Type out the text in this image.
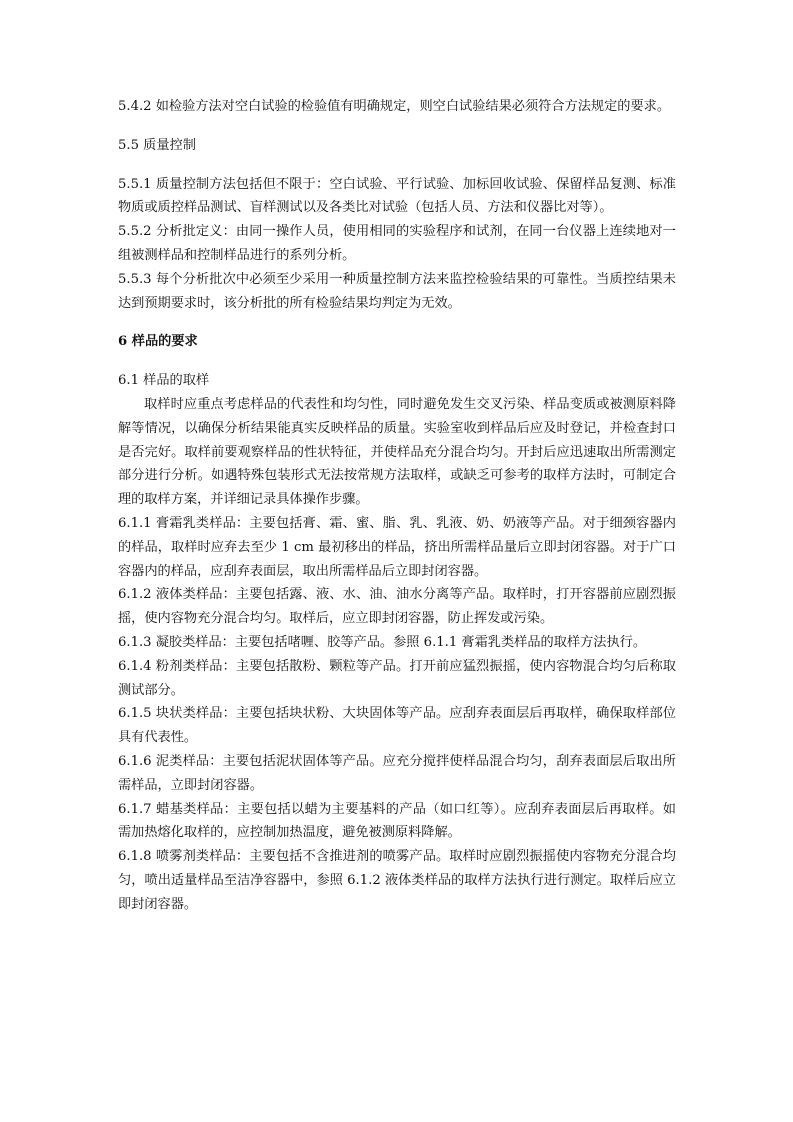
5.4.2 如检验方法对空白试验的检验值有明确规定，则空白试验结果必须符合方法规定的要求。

5.5 质量控制

5.5.1 质量控制方法包括但不限于：空白试验、平行试验、加标回收试验、保留样品复测、标准物质或质控样品测试、盲样测试以及各类比对试验（包括人员、方法和仪器比对等）。

5.5.2 分析批定义：由同一操作人员，使用相同的实验程序和试剂，在同一台仪器上连续地对一组被测样品和控制样品进行的系列分析。

5.5.3 每个分析批次中必须至少采用一种质量控制方法来监控检验结果的可靠性。当质控结果未达到预期要求时，该分析批的所有检验结果均判定为无效。

6 样品的要求

6.1 样品的取样

取样时应重点考虑样品的代表性和均匀性，同时避免发生交叉污染、样品变质或被测原料降解等情况，以确保分析结果能真实反映样品的质量。实验室收到样品后应及时登记，并检查封口是否完好。取样前要观察样品的性状特征，并使样品充分混合均匀。开封后应迅速取出所需测定部分进行分析。如遇特殊包装形式无法按常规方法取样，或缺乏可参考的取样方法时，可制定合理的取样方案，并详细记录具体操作步骤。

6.1.1 膏霜乳类样品：主要包括膏、霜、蜜、脂、乳、乳液、奶、奶液等产品。对于细颈容器内的样品，取样时应弃去至少 1 cm 最初移出的样品，挤出所需样品量后立即封闭容器。对于广口容器内的样品，应刮弃表面层，取出所需样品后立即封闭容器。

6.1.2 液体类样品：主要包括露、液、水、油、油水分离等产品。取样时，打开容器前应剧烈振摇，使内容物充分混合均匀。取样后，应立即封闭容器，防止挥发或污染。

6.1.3 凝胶类样品：主要包括啫喱、胶等产品。参照 6.1.1 膏霜乳类样品的取样方法执行。

6.1.4 粉剂类样品：主要包括散粉、颗粒等产品。打开前应猛烈振摇，使内容物混合均匀后称取测试部分。

6.1.5 块状类样品：主要包括块状粉、大块固体等产品。应刮弃表面层后再取样，确保取样部位具有代表性。

6.1.6 泥类样品：主要包括泥状固体等产品。应充分搅拌使样品混合均匀，刮弃表面层后取出所需样品，立即封闭容器。

6.1.7 蜡基类样品：主要包括以蜡为主要基料的产品（如口红等）。应刮弃表面层后再取样。如需加热熔化取样的，应控制加热温度，避免被测原料降解。

6.1.8 喷雾剂类样品：主要包括不含推进剂的喷雾产品。取样时应剧烈振摇使内容物充分混合均匀，喷出适量样品至洁净容器中，参照 6.1.2 液体类样品的取样方法执行进行测定。取样后应立即封闭容器。
